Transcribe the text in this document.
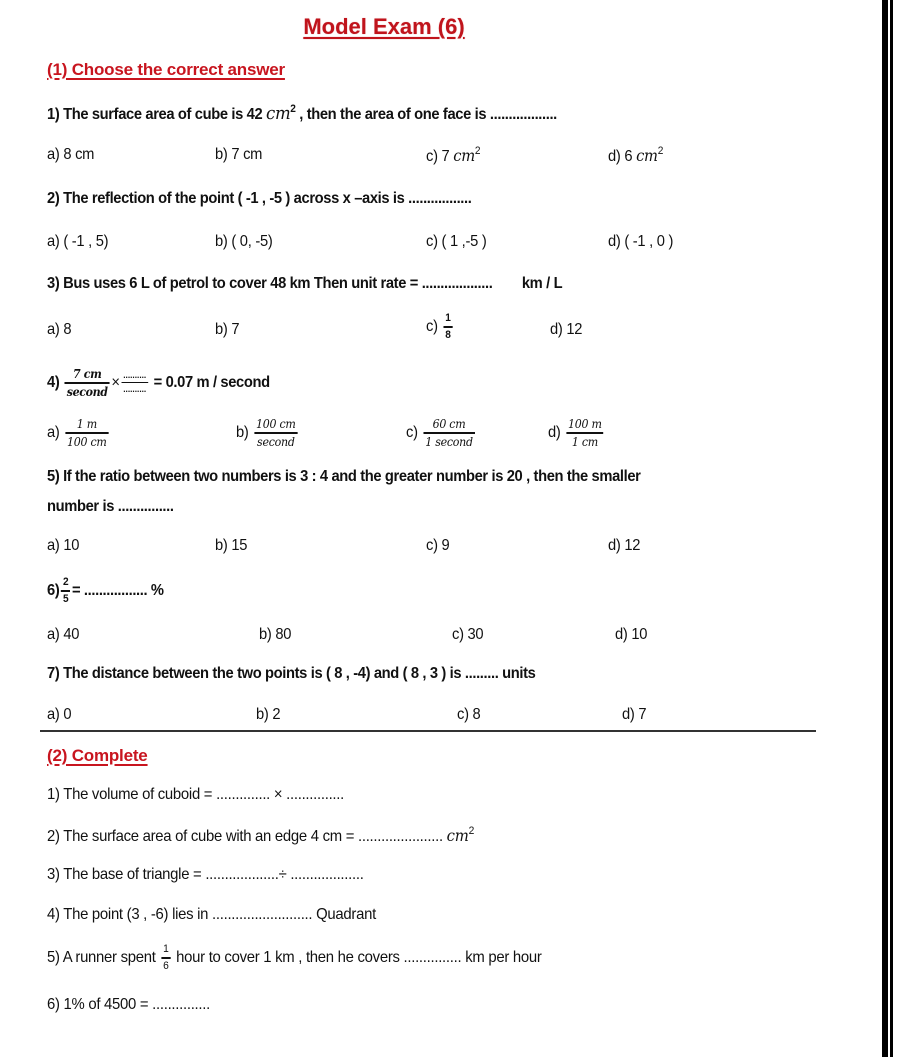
Model Exam (6)
(1) Choose the correct answer
1) The surface area of cube is 42 $cm^2$ , then the area of one face is ..................
a) 8 cm	b) 7 cm	c) 7 $cm^2$	d) 6 $cm^2$
2) The reflection of the point ( -1 , -5 ) across x –axis is .................
a) ( -1 , 5)	b) ( 0, -5)	c) ( 1 ,-5 )	d) ( -1 , 0 )
3) Bus uses 6 L of petrol to cover 48 km Then unit rate = ................... km / L
a) 8	b) 7	$c) \frac{1}{8}$	d) 12
$4) \frac{7 cm}{\text{second}} \times \frac{..........}{..........} = 0.07$ m / second
$a) \frac{1 m}{100 cm}$	$b) \frac{100 cm}{\text{second}}$	$c) \frac{60 cm}{\text{1 second}}$	$d) \frac{100 m}{1 cm}$
5) If the ratio between two numbers is 3 : 4 and the greater number is 20 , then the smaller
number is ...............
a) 10	b) 15	c) 9	d) 12
$6) \frac{2}{5}$ = ................. %
a) 40	b) 80	c) 30	d) 10
7) The distance between the two points is ( 8 , -4) and ( 8 , 3 ) is ......... units
a) 0	b) 2	c) 8	d) 7
(2) Complete
1) The volume of cuboid = .............. × ...............
2) The surface area of cube with an edge 4 cm = ...................... $cm^2$
3) The base of triangle = ...................÷ ...................
4) The point (3 , -6) lies in .......................... Quadrant
5) A runner spent $\frac{1}{6}$ hour to cover 1 km , then he covers ............... km per hour
6) 1% of 4500 = ...............
